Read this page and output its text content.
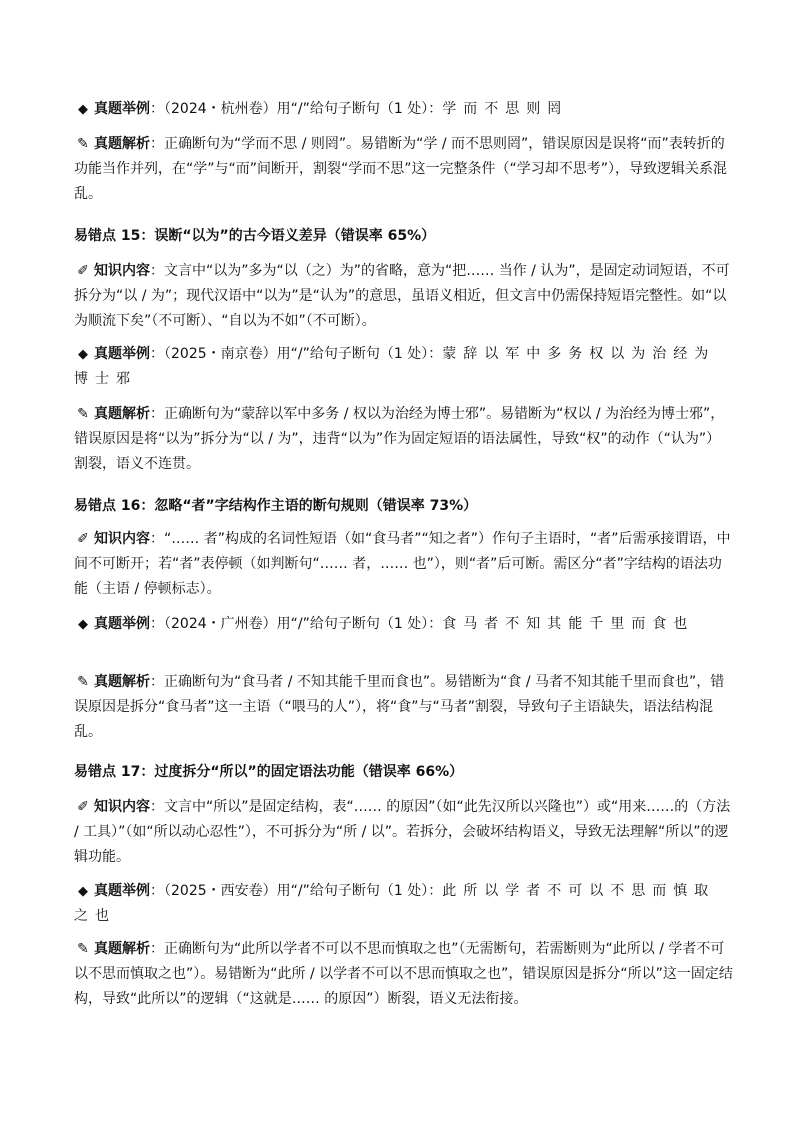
◆ 真题举例：（2024・杭州卷）用“/”给句子断句（1 处）：学而不思则罔
✎ 真题解析：正确断句为“学而不思 / 则罔”。易错断为“学 / 而不思则罔”，错误原因是误将“而”表转折的功能当作并列，在“学”与“而”间断开，割裂“学而不思”这一完整条件（“学习却不思考”），导致逻辑关系混乱。
易错点 15：误断“以为”的古今语义差异（错误率 65%）
✐ 知识内容：文言中“以为”多为“以（之）为”的省略，意为“把…… 当作 / 认为”，是固定动词短语，不可拆分为“以 / 为”；现代汉语中“以为”是“认为”的意思，虽语义相近，但文言中仍需保持短语完整性。如“以为顺流下矣”（不可断）、“自以为不如”（不可断）。
◆ 真题举例：（2025・南京卷）用“/”给句子断句（1 处）：蒙辞以军中多务权以为治经为博士邪
✎ 真题解析：正确断句为“蒙辞以军中多务 / 权以为治经为博士邪”。易错断为“权以 / 为治经为博士邪”，错误原因是将“以为”拆分为“以 / 为”，违背“以为”作为固定短语的语法属性，导致“权”的动作（“认为”）割裂，语义不连贯。
易错点 16：忽略“者”字结构作主语的断句规则（错误率 73%）
✐ 知识内容：“…… 者”构成的名词性短语（如“食马者”“知之者”）作句子主语时，“者”后需承接谓语，中间不可断开；若“者”表停顿（如判断句“…… 者，…… 也”），则“者”后可断。需区分“者”字结构的语法功能（主语 / 停顿标志）。
◆ 真题举例：（2024・广州卷）用“/”给句子断句（1 处）：食马者不知其能千里而食也
✎ 真题解析：正确断句为“食马者 / 不知其能千里而食也”。易错断为“食 / 马者不知其能千里而食也”，错误原因是拆分“食马者”这一主语（“喂马的人”），将“食”与“马者”割裂，导致句子主语缺失，语法结构混乱。
易错点 17：过度拆分“所以”的固定语法功能（错误率 66%）
✐ 知识内容：文言中“所以”是固定结构，表“…… 的原因”（如“此先汉所以兴隆也”）或“用来……的（方法 / 工具）”（如“所以动心忍性”），不可拆分为“所 / 以”。若拆分，会破坏结构语义，导致无法理解“所以”的逻辑功能。
◆ 真题举例：（2025・西安卷）用“/”给句子断句（1 处）：此所以学者不可以不思而慎取之也
✎ 真题解析：正确断句为“此所以学者不可以不思而慎取之也”（无需断句，若需断则为“此所以 / 学者不可以不思而慎取之也”）。易错断为“此所 / 以学者不可以不思而慎取之也”，错误原因是拆分“所以”这一固定结构，导致“此所以”的逻辑（“这就是…… 的原因”）断裂，语义无法衔接。
